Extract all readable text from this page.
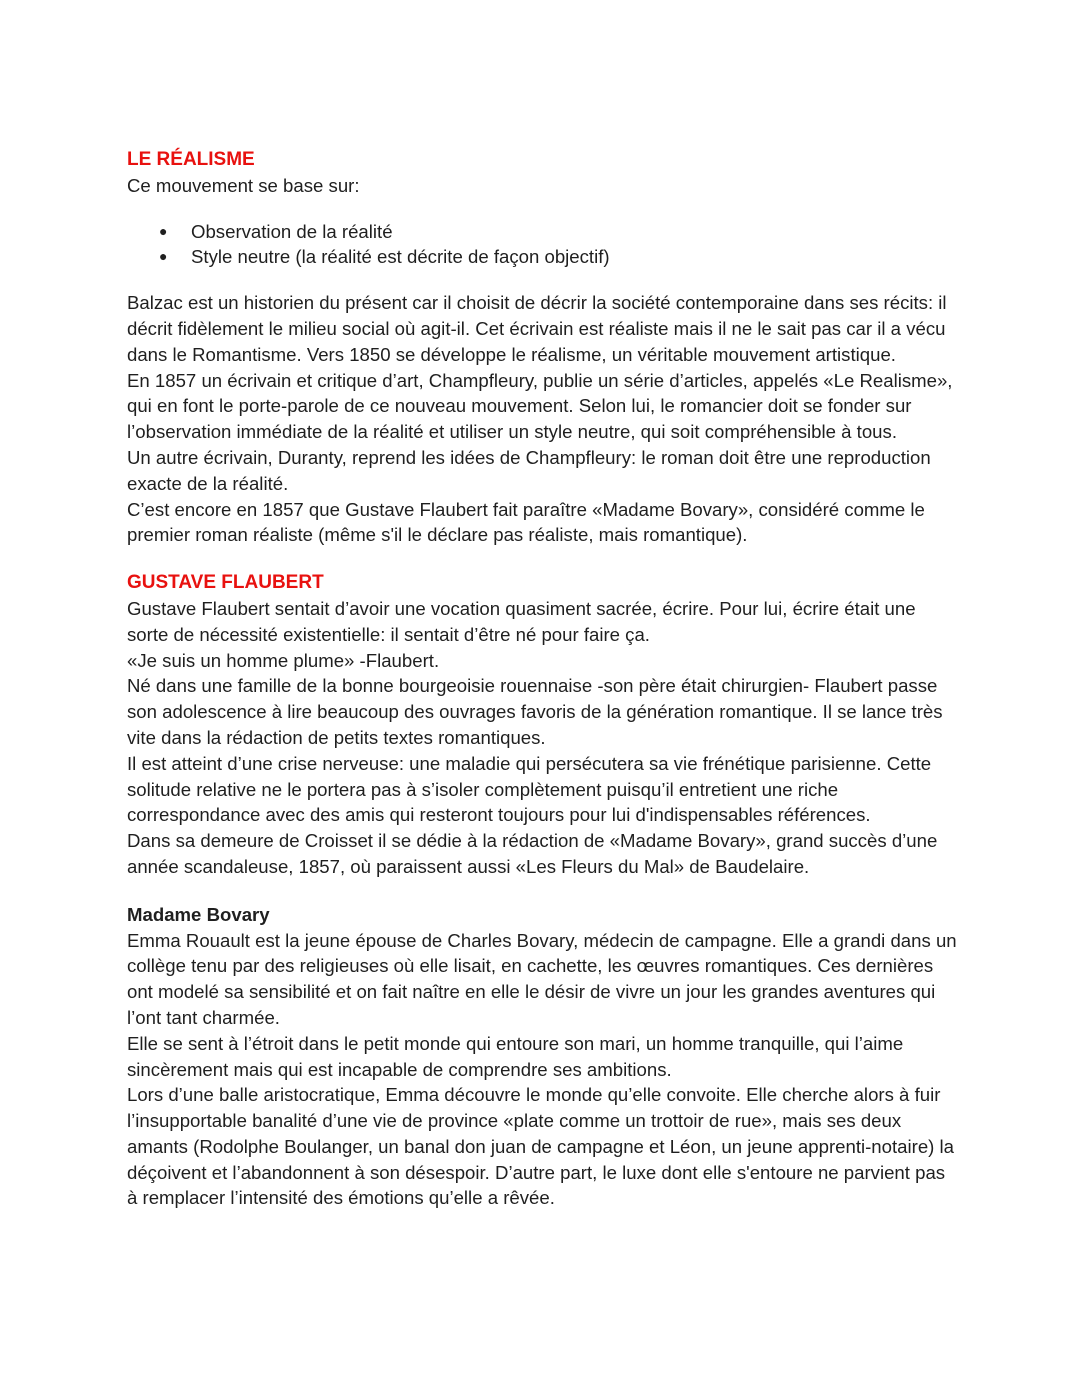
LE RÉALISME

Ce mouvement se base sur:

● Observation de la réalité
● Style neutre (la réalité est décrite de façon objectif)

Balzac est un historien du présent car il choisit de décrir la société contemporaine dans ses récits: il décrit fidèlement le milieu social où agit-il. Cet écrivain est réaliste mais il ne le sait pas car il a vécu dans le Romantisme. Vers 1850 se développe le réalisme, un véritable mouvement artistique.

En 1857 un écrivain et critique d’art, Champfleury, publie un série d’articles, appelés «Le Realisme», qui en font le porte-parole de ce nouveau mouvement. Selon lui, le romancier doit se fonder sur l’observation immédiate de la réalité et utiliser un style neutre, qui soit compréhensible à tous.

Un autre écrivain, Duranty, reprend les idées de Champfleury: le roman doit être une reproduction exacte de la réalité.

C’est encore en 1857 que Gustave Flaubert fait paraître «Madame Bovary», considéré comme le premier roman réaliste (même s'il le déclare pas réaliste, mais romantique).

GUSTAVE FLAUBERT

Gustave Flaubert sentait d’avoir une vocation quasiment sacrée, écrire. Pour lui, écrire était une sorte de nécessité existentielle: il sentait d’être né pour faire ça.

«Je suis un homme plume» -Flaubert.

Né dans une famille de la bonne bourgeoisie rouennaise -son père était chirurgien- Flaubert passe son adolescence à lire beaucoup des ouvrages favoris de la génération romantique. Il se lance très vite dans la rédaction de petits textes romantiques.

Il est atteint d’une crise nerveuse: une maladie qui persécutera sa vie frénétique parisienne. Cette solitude relative ne le portera pas à s’isoler complètement puisqu’il entretient une riche correspondance avec des amis qui resteront toujours pour lui d'indispensables références.

Dans sa demeure de Croisset il se dédie à la rédaction de «Madame Bovary», grand succès d’une année scandaleuse, 1857, où paraissent aussi «Les Fleurs du Mal» de Baudelaire.

Madame Bovary

Emma Rouault est la jeune épouse de Charles Bovary, médecin de campagne. Elle a grandi dans un collège tenu par des religieuses où elle lisait, en cachette, les œuvres romantiques. Ces dernières ont modelé sa sensibilité et on fait naître en elle le désir de vivre un jour les grandes aventures qui l’ont tant charmée.

Elle se sent à l’étroit dans le petit monde qui entoure son mari, un homme tranquille, qui l’aime sincèrement mais qui est incapable de comprendre ses ambitions.

Lors d’une balle aristocratique, Emma découvre le monde qu’elle convoite. Elle cherche alors à fuir l’insupportable banalité d’une vie de province «plate comme un trottoir de rue», mais ses deux amants (Rodolphe Boulanger, un banal don juan de campagne et Léon, un jeune apprenti-notaire) la déçoivent et l’abandonnent à son désespoir. D’autre part, le luxe dont elle s'entoure ne parvient pas à remplacer l’intensité des émotions qu’elle a rêvée.
